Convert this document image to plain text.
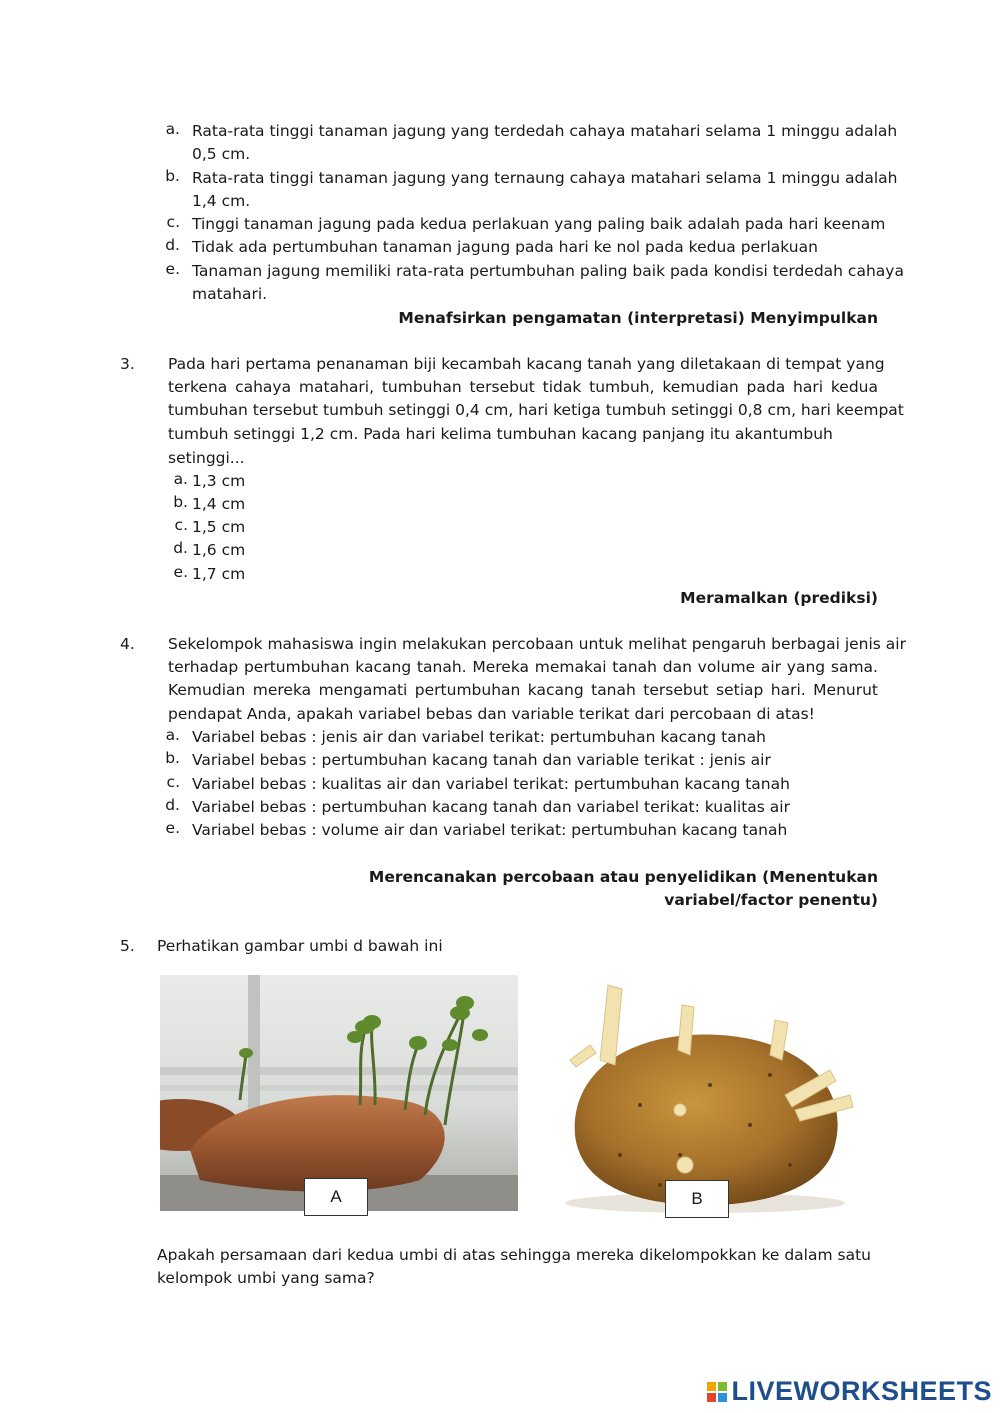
a. Rata-rata tinggi tanaman jagung yang terdedah cahaya matahari selama 1 minggu adalah
0,5 cm.
b. Rata-rata tinggi tanaman jagung yang ternaung cahaya matahari selama 1 minggu adalah
1,4 cm.
c. Tinggi tanaman jagung pada kedua perlakuan yang paling baik adalah pada hari keenam
d. Tidak ada pertumbuhan tanaman jagung pada hari ke nol pada kedua perlakuan
e. Tanaman jagung memiliki rata-rata pertumbuhan paling baik pada kondisi terdedah cahaya
matahari.
Menafsirkan pengamatan (interpretasi) Menyimpulkan
3. Pada hari pertama penanaman biji kecambah kacang tanah yang diletakaan di tempat yang
terkena cahaya matahari, tumbuhan tersebut tidak tumbuh, kemudian pada hari kedua
tumbuhan tersebut tumbuh setinggi 0,4 cm, hari ketiga tumbuh setinggi 0,8 cm, hari keempat
tumbuh setinggi 1,2 cm. Pada hari kelima tumbuhan kacang panjang itu akantumbuh
setinggi...
a. 1,3 cm
b. 1,4 cm
c. 1,5 cm
d. 1,6 cm
e. 1,7 cm
Meramalkan (prediksi)
4. Sekelompok mahasiswa ingin melakukan percobaan untuk melihat pengaruh berbagai jenis air
terhadap pertumbuhan kacang tanah. Mereka memakai tanah dan volume air yang sama.
Kemudian mereka mengamati pertumbuhan kacang tanah tersebut setiap hari. Menurut
pendapat Anda, apakah variabel bebas dan variable terikat dari percobaan di atas!
a. Variabel bebas : jenis air dan variabel terikat: pertumbuhan kacang tanah
b. Variabel bebas : pertumbuhan kacang tanah dan variable terikat : jenis air
c. Variabel bebas : kualitas air dan variabel terikat: pertumbuhan kacang tanah
d. Variabel bebas : pertumbuhan kacang tanah dan variabel terikat: kualitas air
e. Variabel bebas : volume air dan variabel terikat: pertumbuhan kacang tanah
Merencanakan percobaan atau penyelidikan (Menentukan
variabel/factor penentu)
5. Perhatikan gambar umbi d bawah ini
A	B
Apakah persamaan dari kedua umbi di atas sehingga mereka dikelompokkan ke dalam satu
kelompok umbi yang sama?
LIVEWORKSHEETS
